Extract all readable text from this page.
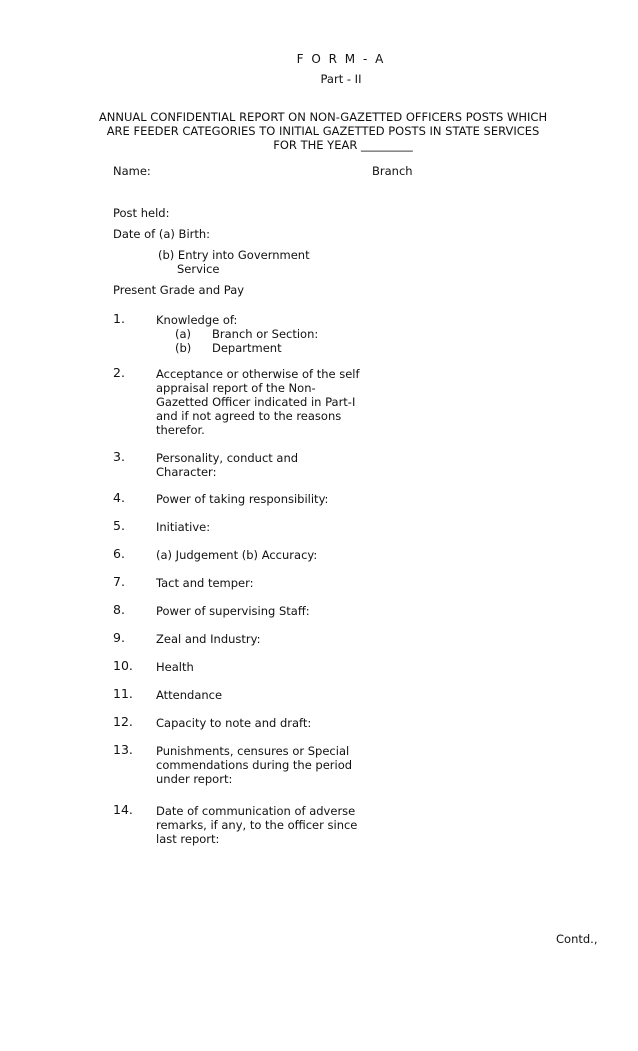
F O R M - A
Part - II
ANNUAL CONFIDENTIAL REPORT ON NON-GAZETTED OFFICERS POSTS WHICH
ARE FEEDER CATEGORIES TO INITIAL GAZETTED POSTS IN STATE SERVICES
FOR THE YEAR _________
Name:	Branch
Post held:
Date of (a) Birth:
(b) Entry into Government
Service
Present Grade and Pay
1.	Knowledge of:
(a) Branch or Section:
(b) Department
2.	Acceptance or otherwise of the self
appraisal report of the Non-
Gazetted Officer indicated in Part-I
and if not agreed to the reasons
therefor.
3.	Personality, conduct and
Character:
4.	Power of taking responsibility:
5.	Initiative:
6.	(a) Judgement (b) Accuracy:
7.	Tact and temper:
8.	Power of supervising Staff:
9.	Zeal and Industry:
10. Health
11. Attendance
12. Capacity to note and draft:
13. Punishments, censures or Special
commendations during the period
under report:
14. Date of communication of adverse
remarks, if any, to the officer since
last report:
Contd.,
